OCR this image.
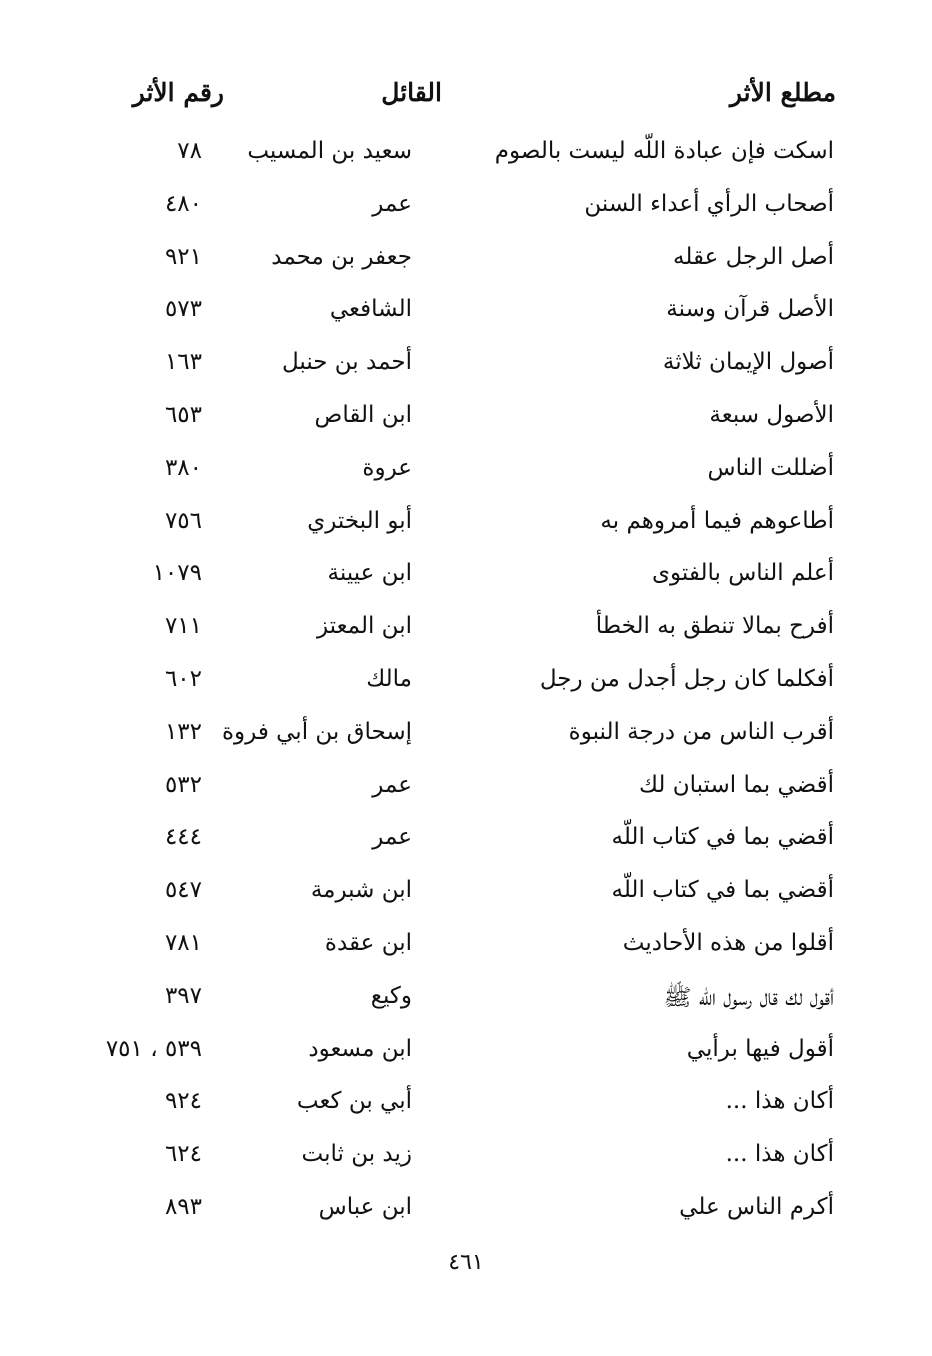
مطلع الأثر
القائل
رقم الأثر
اسكت فإن عبادة اللّه ليست بالصوم
سعيد بن المسيب
٧٨
أصحاب الرأي أعداء السنن
عمر
٤٨٠
أصل الرجل عقله
جعفر بن محمد
٩٢١
الأصل قرآن وسنة
الشافعي
٥٧٣
أصول الإيمان ثلاثة
أحمد بن حنبل
١٦٣
الأصول سبعة
ابن القاص
٦٥٣
أضللت الناس
عروة
٣٨٠
أطاعوهم فيما أمروهم به
أبو البختري
٧٥٦
أعلم الناس بالفتوى
ابن عيينة
١٠٧٩
أفرح بمالا تنطق به الخطأ
ابن المعتز
٧١١
أفكلما كان رجل أجدل من رجل
مالك
٦٠٢
أقرب الناس من درجة النبوة
إسحاق بن أبي فروة
١٣٢
أقضي بما استبان لك
عمر
٥٣٢
أقضي بما في كتاب اللّه
عمر
٤٤٤
أقضي بما في كتاب اللّه
ابن شبرمة
٥٤٧
أقلوا من هذه الأحاديث
ابن عقدة
٧٨١
أقول لك قال رسول اللّه ﷺ
وكيع
٣٩٧
أقول فيها برأيي
ابن مسعود
٥٣٩ ، ٧٥١
أكان هذا ...
أبي بن كعب
٩٢٤
أكان هذا ...
زيد بن ثابت
٦٢٤
أكرم الناس علي
ابن عباس
٨٩٣
٤٦١
